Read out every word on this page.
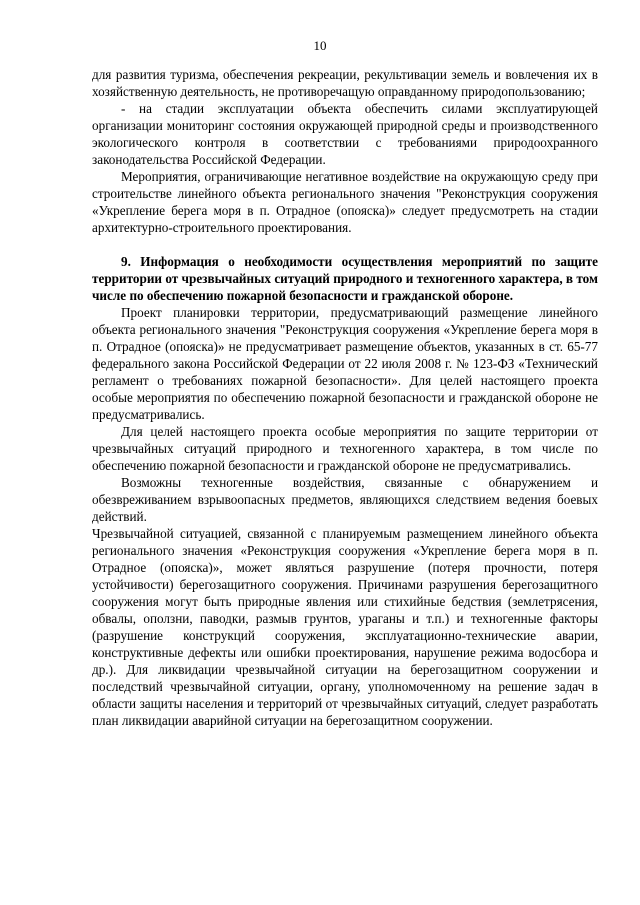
10

для развития туризма, обеспечения рекреации, рекультивации земель и вовлечения их в хозяйственную деятельность, не противоречащую оправданному природопользованию;

- на стадии эксплуатации объекта обеспечить силами эксплуатирующей организации мониторинг состояния окружающей природной среды и производственного экологического контроля в соответствии с требованиями природоохранного законодательства Российской Федерации.

Мероприятия, ограничивающие негативное воздействие на окружающую среду при строительстве линейного объекта регионального значения "Реконструкция сооружения «Укрепление берега моря в п. Отрадное (опояска)» следует предусмотреть на стадии архитектурно-строительного проектирования.

9. Информация о необходимости осуществления мероприятий по защите территории от чрезвычайных ситуаций природного и техногенного характера, в том числе по обеспечению пожарной безопасности и гражданской обороне.

Проект планировки территории, предусматривающий размещение линейного объекта регионального значения "Реконструкция сооружения «Укрепление берега моря в п. Отрадное (опояска)» не предусматривает размещение объектов, указанных в ст. 65-77 федерального закона Российской Федерации от 22 июля 2008 г. № 123-ФЗ «Технический регламент о требованиях пожарной безопасности». Для целей настоящего проекта особые мероприятия по обеспечению пожарной безопасности и гражданской обороне не предусматривались.

Для целей настоящего проекта особые мероприятия по защите территории от чрезвычайных ситуаций природного и техногенного характера, в том числе по обеспечению пожарной безопасности и гражданской обороне не предусматривались.

Возможны техногенные воздействия, связанные с обнаружением и обезвреживанием взрывоопасных предметов, являющихся следствием ведения боевых действий.

Чрезвычайной ситуацией, связанной с планируемым размещением линейного объекта регионального значения «Реконструкция сооружения «Укрепление берега моря в п. Отрадное (опояска)», может являться разрушение (потеря прочности, потеря устойчивости) берегозащитного сооружения. Причинами разрушения берегозащитного сооружения могут быть природные явления или стихийные бедствия (землетрясения, обвалы, оползни, паводки, размыв грунтов, ураганы и т.п.) и техногенные факторы (разрушение конструкций сооружения, эксплуатационно-технические аварии, конструктивные дефекты или ошибки проектирования, нарушение режима водосбора и др.). Для ликвидации чрезвычайной ситуации на берегозащитном сооружении и последствий чрезвычайной ситуации, органу, уполномоченному на решение задач в области защиты населения и территорий от чрезвычайных ситуаций, следует разработать план ликвидации аварийной ситуации на берегозащитном сооружении.
